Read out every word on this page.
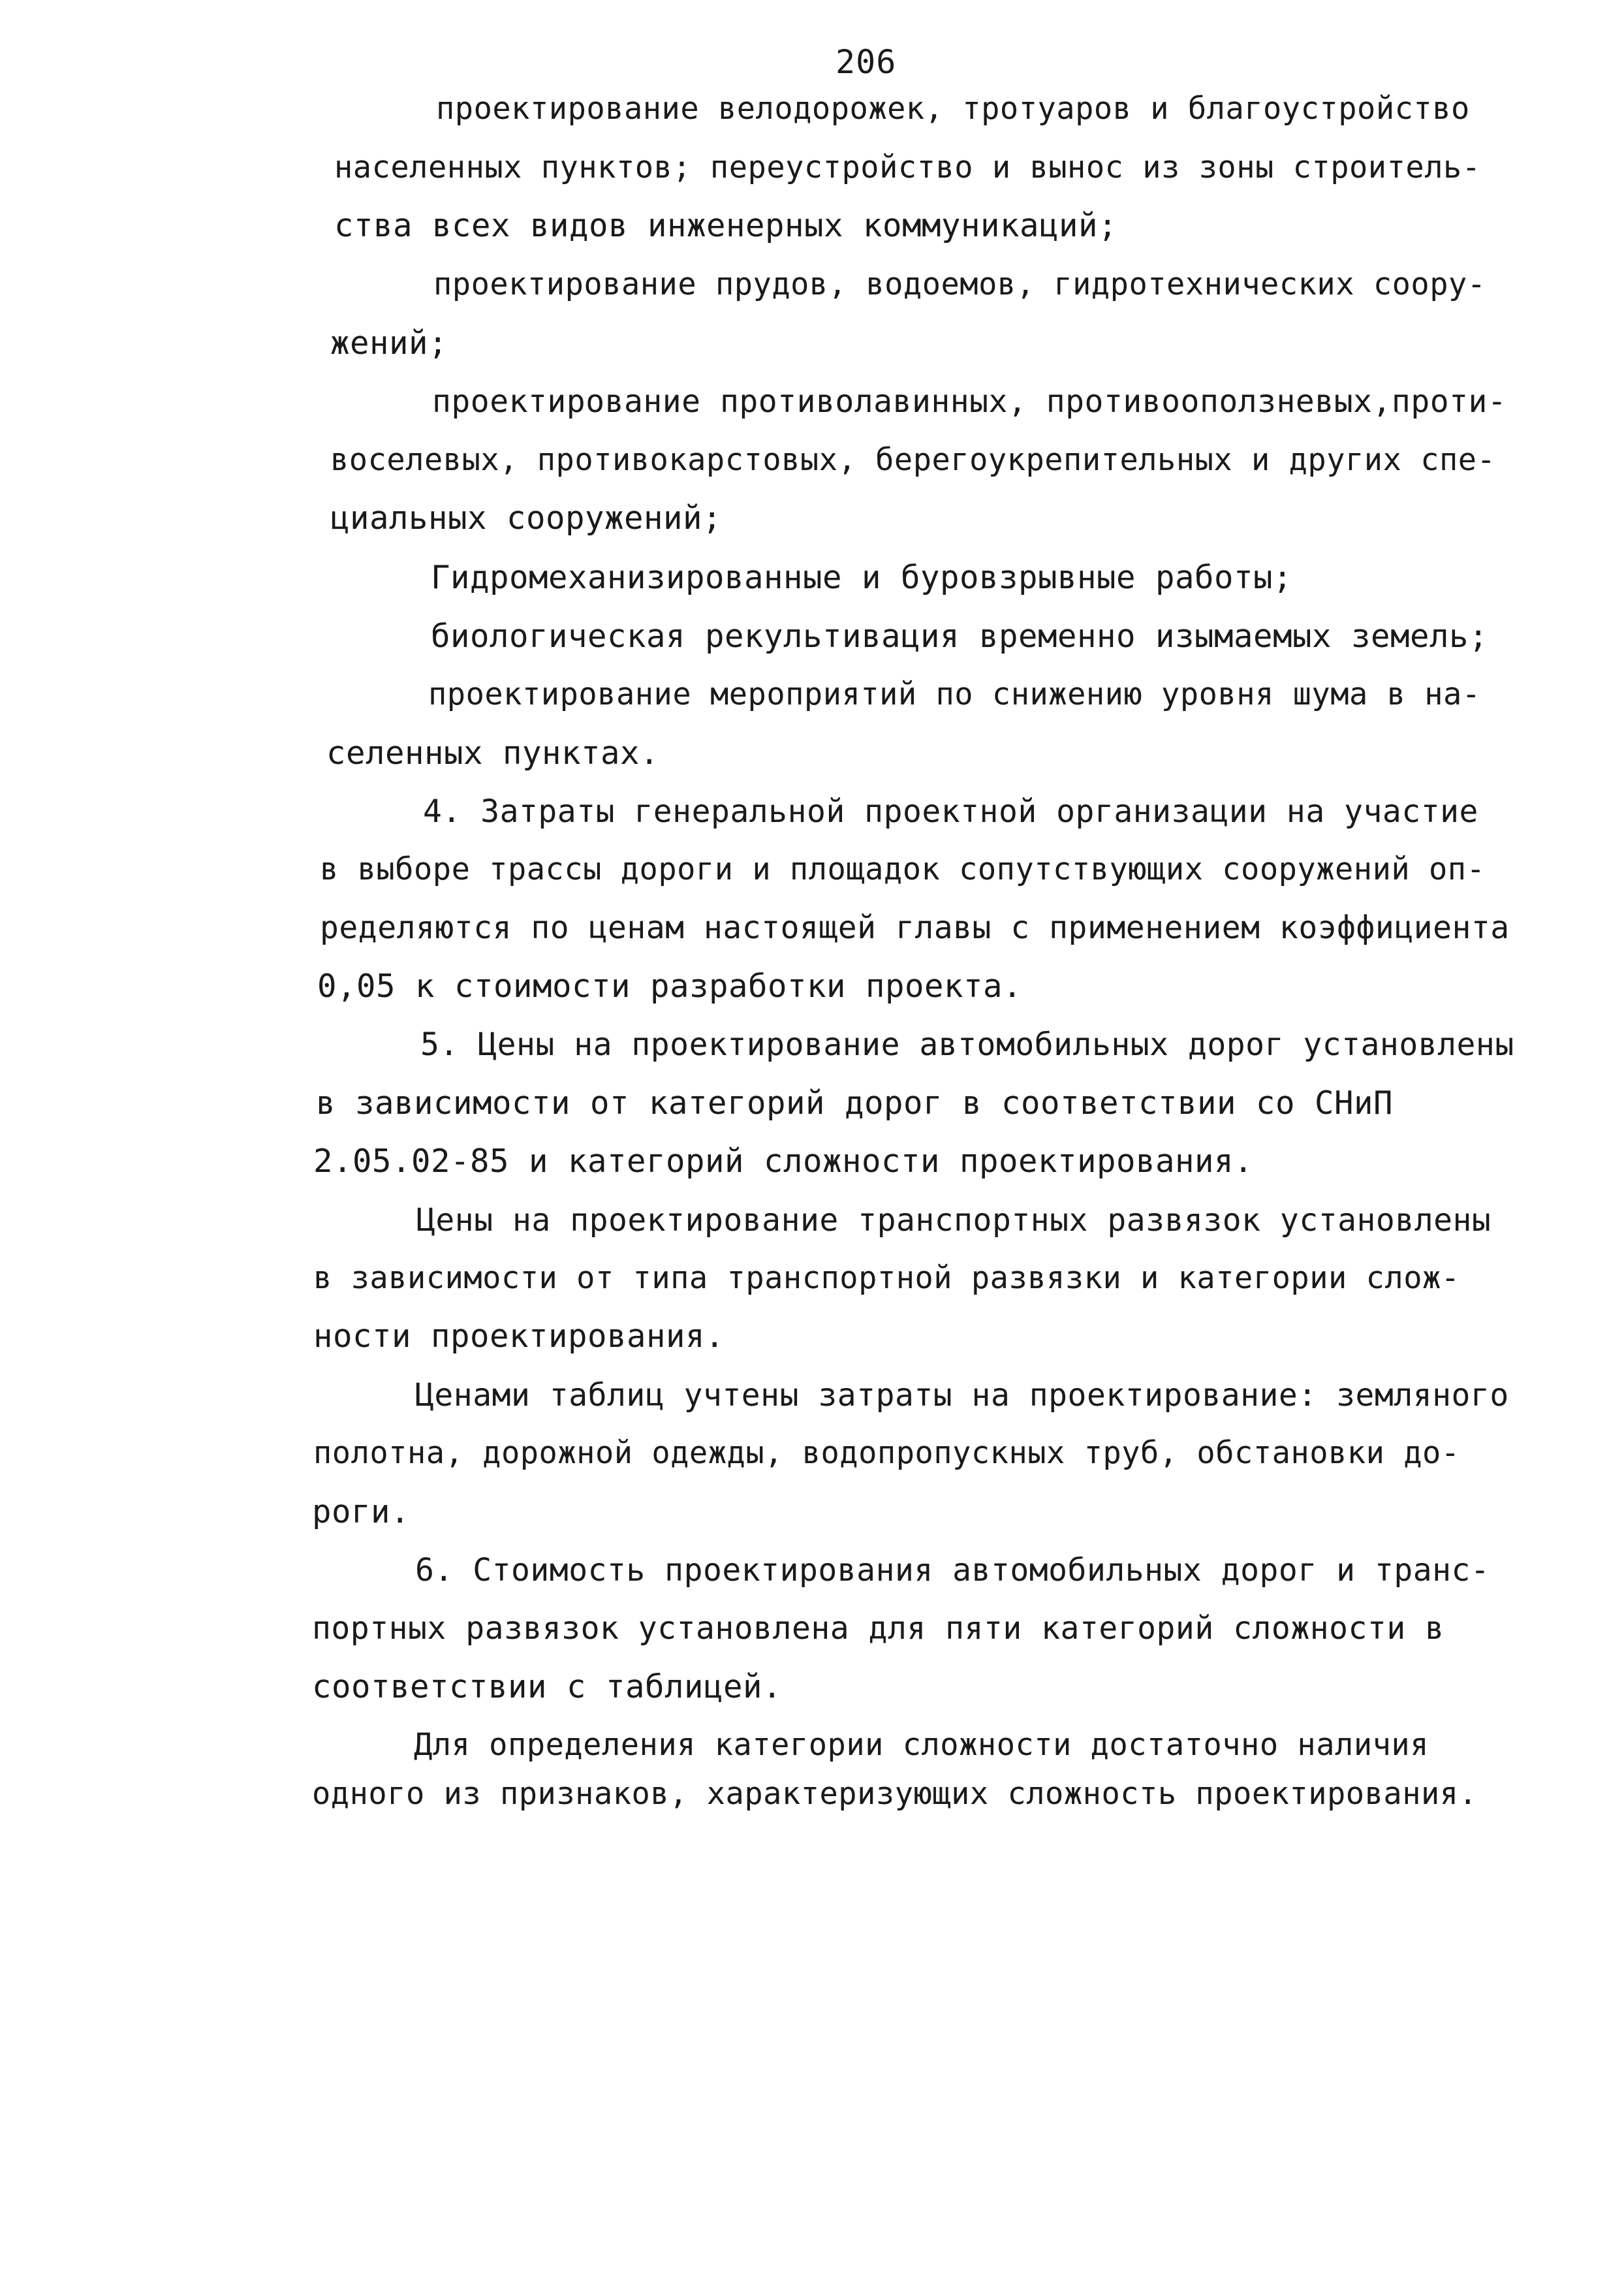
206
проектирование велодорожек, тротуаров и благоустройство
населенных пунктов; переустройство и вынос из зоны строитель-
ства всех видов инженерных коммуникаций;
проектирование прудов, водоемов, гидротехнических соору-
жений;
проектирование противолавинных, противооползневых,проти-
воселевых, противокарстовых, берегоукрепительных и других спе-
циальных сооружений;
Гидромеханизированные и буровзрывные работы;
биологическая рекультивация временно изымаемых земель;
проектирование мероприятий по снижению уровня шума в на-
селенных пунктах.
4. Затраты генеральной проектной организации на участие
в выборе трассы дороги и площадок сопутствующих сооружений оп-
ределяются по ценам настоящей главы с применением коэффициента
0,05 к стоимости разработки проекта.
5. Цены на проектирование автомобильных дорог установлены
в зависимости от категорий дорог в соответствии со СНиП
2.05.02-85 и категорий сложности проектирования.
Цены на проектирование транспортных развязок установлены
в зависимости от типа транспортной развязки и категории слож-
ности проектирования.
Ценами таблиц учтены затраты на проектирование: земляного
полотна, дорожной одежды, водопропускных труб, обстановки до-
роги.
6. Стоимость проектирования автомобильных дорог и транс-
портных развязок установлена для пяти категорий сложности в
соответствии с таблицей.
Для определения категории сложности достаточно наличия
одного из признаков, характеризующих сложность проектирования.
